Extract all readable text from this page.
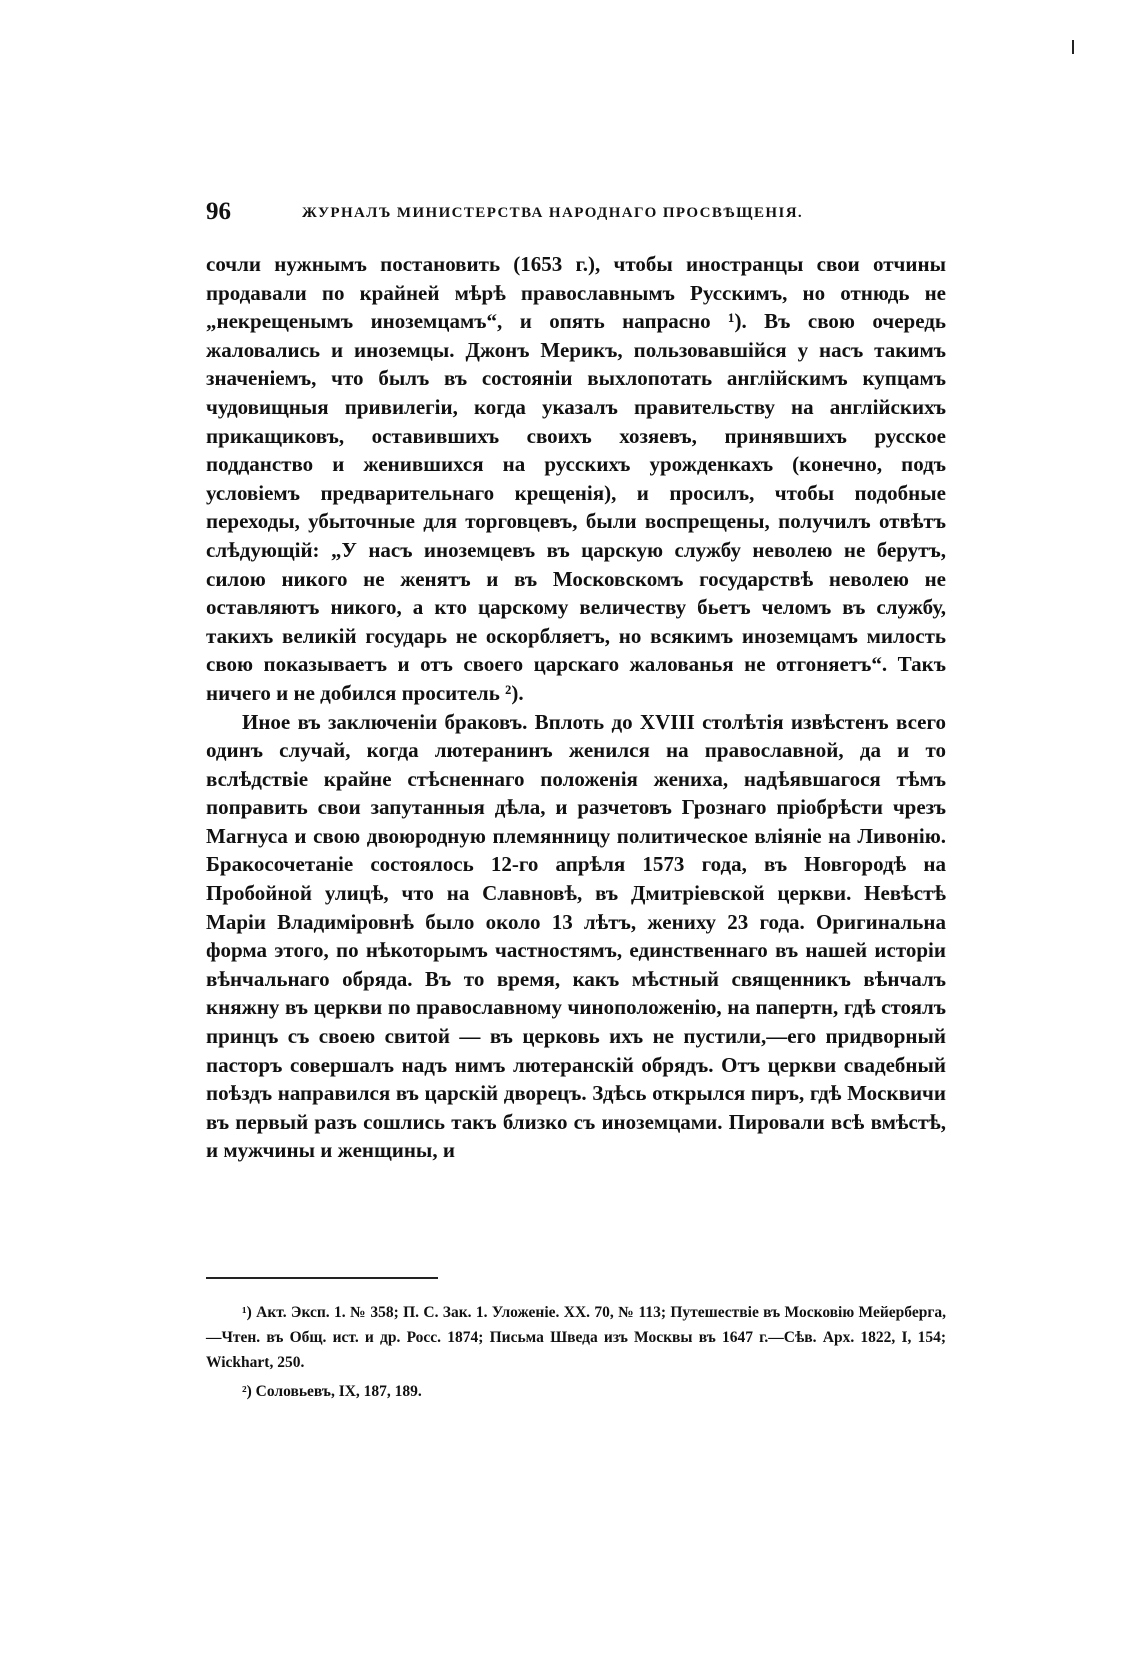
96	ЖУРНАЛЪ МИНИСТЕРСТВА НАРОДНАГО ПРОСВѢЩЕНІЯ.

сочли нужнымъ постановить (1653 г.), чтобы иностранцы свои отчины продавали по крайней мѣрѣ православнымъ Русскимъ, но отнюдь не „некрещенымъ иноземцамъ“, и опять напрасно ¹). Въ свою очередь жаловались и иноземцы. Джонъ Мерикъ, пользовавшійся у насъ такимъ значеніемъ, что былъ въ состояніи выхлопотать англійскимъ купцамъ чудовищныя привилегіи, когда указалъ правительству на англійскихъ прикащиковъ, оставившихъ своихъ хозяевъ, принявшихъ русское подданство и женившихся на русскихъ урожденкахъ (конечно, подъ условіемъ предварительнаго крещенія), и просилъ, чтобы подобные переходы, убыточные для торговцевъ, были воспрещены, получилъ отвѣтъ слѣдующій: „У насъ иноземцевъ въ царскую службу неволею не берутъ, силою никого не женятъ и въ Московскомъ государствѣ неволею не оставляютъ никого, а кто царскому величеству бьетъ челомъ въ службу, такихъ великій государь не оскорбляетъ, но всякимъ иноземцамъ милость свою показываетъ и отъ своего царскаго жалованья не отгоняетъ“. Такъ ничего и не добился проситель ²).

Иное въ заключеніи браковъ. Вплоть до XVIII столѣтія извѣстенъ всего одинъ случай, когда лютеранинъ женился на православной, да и то вслѣдствіе крайне стѣсненнаго положенія жениха, надѣявшагося тѣмъ поправить свои запутанныя дѣла, и разчетовъ Грознаго пріобрѣсти чрезъ Магнуса и свою двоюродную племянницу политическое вліяніе на Ливонію. Бракосочетаніе состоялось 12-го апрѣля 1573 года, въ Новгородѣ на Пробойной улицѣ, что на Славновѣ, въ Дмитріевской церкви. Невѣстѣ Маріи Владиміровнѣ было около 13 лѣтъ, жениху 23 года. Оригинальна форма этого, по нѣкоторымъ частностямъ, единственнаго въ нашей исторіи вѣнчальнаго обряда. Въ то время, какъ мѣстный священникъ вѣнчалъ княжну въ церкви по православному чиноположенію, на папертн, гдѣ стоялъ принцъ съ своею свитой — въ церковь ихъ не пустили,—его придворный пасторъ совершалъ надъ нимъ лютеранскій обрядъ. Отъ церкви свадебный поѣздъ направился въ царскій дворецъ. Здѣсь открылся пиръ, гдѣ Москвичи въ первый разъ сошлись такъ близко съ иноземцами. Пировали всѣ вмѣстѣ, и мужчины и женщины, и

¹) Акт. Эксп. 1. № 358; П. С. Зак. 1. Уложеніе. XX. 70, № 113; Путешествіе въ Московію Мейерберга,—Чтен. въ Общ. ист. и др. Росс. 1874; Письма Шведа изъ Москвы въ 1647 г.—Сѣв. Арх. 1822, I, 154; Wickhart, 250.

²) Соловьевъ, IX, 187, 189.
